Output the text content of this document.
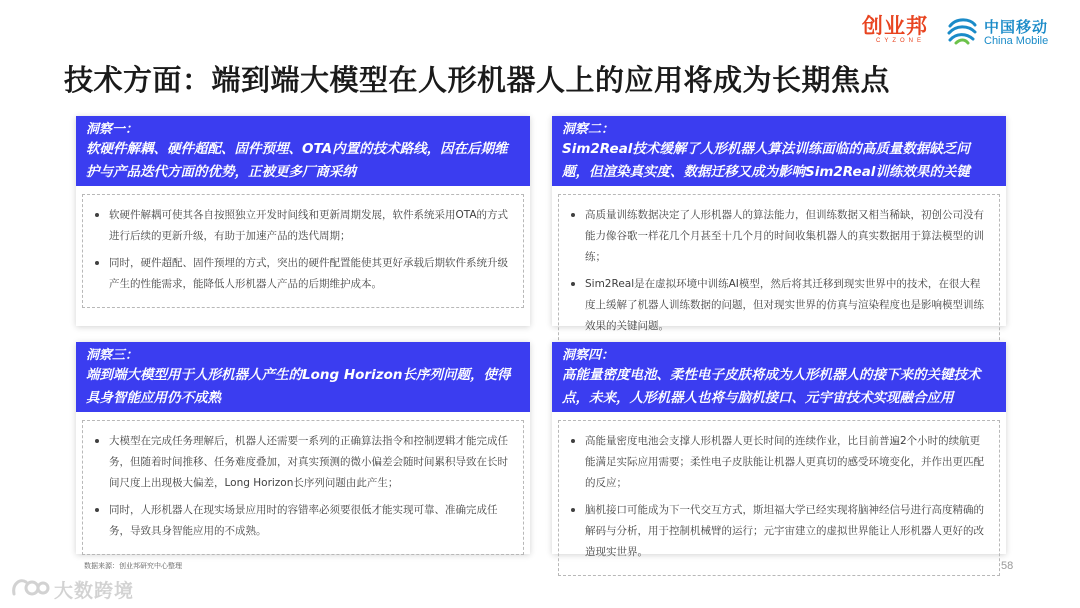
创业邦
CYZONE
中国移动
China Mobile
技术方面：端到端大模型在人形机器人上的应用将成为长期焦点
洞察一：
软硬件解耦、硬件超配、固件预埋、OTA内置的技术路线，因在后期维护与产品迭代方面的优势，正被更多厂商采纳
软硬件解耦可使其各自按照独立开发时间线和更新周期发展，软件系统采用OTA的方式进行后续的更新升级，有助于加速产品的迭代周期；
同时，硬件超配、固件预埋的方式，突出的硬件配置能使其更好承载后期软件系统升级产生的性能需求，能降低人形机器人产品的后期维护成本。
洞察二：
Sim2Real技术缓解了人形机器人算法训练面临的高质量数据缺乏问题，但渲染真实度、数据迁移又成为影响Sim2Real训练效果的关键
高质量训练数据决定了人形机器人的算法能力，但训练数据又相当稀缺，初创公司没有能力像谷歌一样花几个月甚至十几个月的时间收集机器人的真实数据用于算法模型的训练；
Sim2Real是在虚拟环境中训练AI模型，然后将其迁移到现实世界中的技术，在很大程度上缓解了机器人训练数据的问题，但对现实世界的仿真与渲染程度也是影响模型训练效果的关键问题。
洞察三：
端到端大模型用于人形机器人产生的Long Horizon长序列问题，使得具身智能应用仍不成熟
大模型在完成任务理解后，机器人还需要一系列的正确算法指令和控制逻辑才能完成任务，但随着时间推移、任务难度叠加，对真实预测的微小偏差会随时间累积导致在长时间尺度上出现极大偏差，Long Horizon长序列问题由此产生；
同时，人形机器人在现实场景应用时的容错率必须要很低才能实现可靠、准确完成任务，导致具身智能应用的不成熟。
洞察四：
高能量密度电池、柔性电子皮肤将成为人形机器人的接下来的关键技术点，未来，人形机器人也将与脑机接口、元宇宙技术实现融合应用
高能量密度电池会支撑人形机器人更长时间的连续作业，比目前普遍2个小时的续航更能满足实际应用需要；柔性电子皮肤能让机器人更真切的感受环境变化，并作出更匹配的反应；
脑机接口可能成为下一代交互方式，斯坦福大学已经实现将脑神经信号进行高度精确的解码与分析，用于控制机械臂的运行；元宇宙建立的虚拟世界能让人形机器人更好的改造现实世界。
数据来源：创业邦研究中心整理	58
大数跨境
